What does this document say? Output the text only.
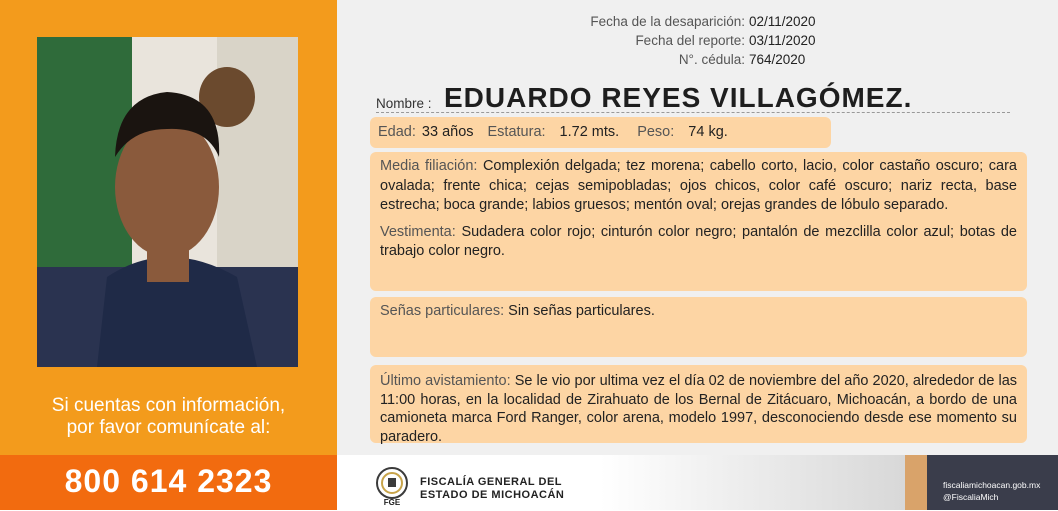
Si cuentas con información,
por favor comunícate al:
800 614 2323
Fecha de la desaparición: 02/11/2020
Fecha del reporte: 03/11/2020
N°. cédula: 764/2020
Nombre : EDUARDO REYES VILLAGÓMEZ.
Edad: 33 años Estatura: 1.72 mts. Peso: 74 kg.

Media filiación: Complexión delgada; tez morena; cabello corto, lacio, color castaño oscuro; cara ovalada; frente chica; cejas semipobladas; ojos chicos, color café oscuro; nariz recta, base estrecha; boca grande; labios gruesos; mentón oval; orejas grandes de lóbulo separado.

Vestimenta: Sudadera color rojo; cinturón color negro; pantalón de mezclilla color azul; botas de trabajo color negro.

Señas particulares: Sin señas particulares.
Último avistamiento: Se le vio por ultima vez el día 02 de noviembre del año 2020, alrededor de las 11:00 horas, en la localidad de Zirahuato de los Bernal de Zitácuaro, Michoacán, a bordo de una camioneta marca Ford Ranger, color arena, modelo 1997, desconociendo desde ese momento su paradero.
FGE
FISCALÍA GENERAL DEL
ESTADO DE MICHOACÁN
fiscaliamichoacan.gob.mx
@FiscaliaMich
